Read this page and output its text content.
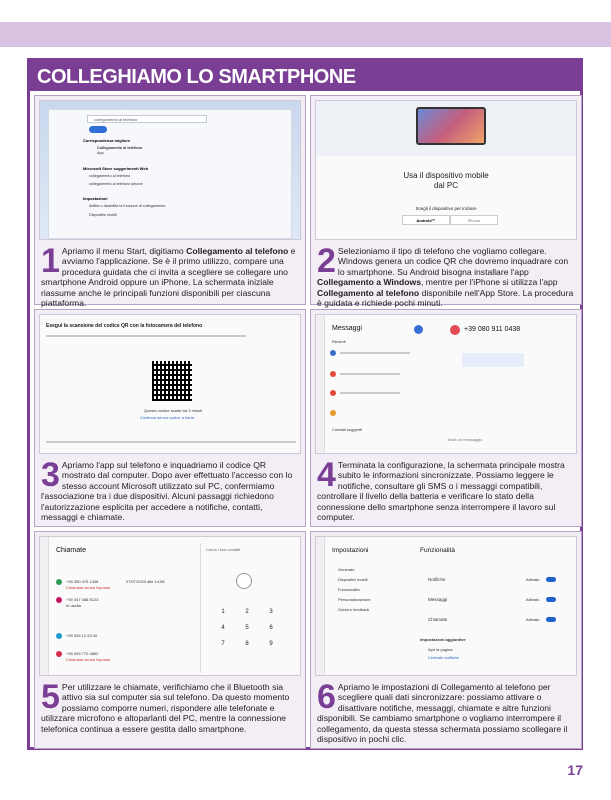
COLLEGHIAMO LO SMARTPHONE
collegamento al telefono
Corrispondenza migliore
Collegamento al telefono
App
Microsoft Store suggerimenti Web
collegamento al telefono
collegamento al telefono iphone
Impostazioni
Abilita o disabilita la funzione di collegamento
Dispositivi mobili
1 Apriamo il menu Start, digitiamo Collegamento al telefono e avviamo l'applicazione. Se è il primo utilizzo, compare una procedura guidata che ci invita a scegliere se collegare uno smartphone Android oppure un iPhone. La schermata iniziale riassume anche le principali funzioni disponibili per ciascuna piattaforma.
Usa il dispositivo mobile
dal PC
Scegli il dispositivo per iniziare
Android™	iPhone
2 Selezioniamo il tipo di telefono che vogliamo collegare. Windows genera un codice QR che dovremo inquadrare con lo smartphone. Su Android bisogna installare l'app Collegamento a Windows, mentre per l'iPhone si utilizza l'app Collegamento al telefono disponibile nell'App Store. La procedura è guidata e richiede pochi minuti.
Esegui la scansione del codice QR con la fotocamera del telefono
Questo codice scade tra 3 minuti
Continua senza codice a barre
3 Apriamo l'app sul telefono e inquadriamo il codice QR mostrato dal computer. Dopo aver effettuato l'accesso con lo stesso account Microsoft utilizzato sul PC, confermiamo l'associazione tra i due dispositivi. Alcuni passaggi richiedono l'autorizzazione esplicita per accedere a notifiche, contatti, messaggi e chiamate.
Messaggi
Recenti
Contatti suggeriti
+39 080 911 0438
Invia un messaggio
4 Terminata la configurazione, la schermata principale mostra subito le informazioni sincronizzate. Possiamo leggere le notifiche, consultare gli SMS o i messaggi compatibili, controllare il livello della batteria e verificare lo stato della connessione dello smartphone senza interrompere il lavoro sul computer.
Chiamate
+39 350 475 1438
Chiamata senza risposta
07/07/2023 alle 14:08
+39 347 088 5123
In uscita
+39 345 12 63 40
+39 349 770 4862
Chiamata senza risposta
Cerca i tuoi contatti
1	2	3
4	5	6
7	8	9
5 Per utilizzare le chiamate, verifichiamo che il Bluetooth sia attivo sia sul computer sia sul telefono. Da questo momento possiamo comporre numeri, rispondere alle telefonate e utilizzare microfono e altoparlanti del PC, mentre la connessione telefonica continua a essere gestita dallo smartphone.
Impostazioni
Generale
Dispositivi mobili
Funzionalità
Personalizzazione
Guida e feedback
Funzionalità
Notifiche	Attivato
Messaggi	Attivato
Chiamate	Attivato
Impostazioni aggiuntive
Apri la pagina
Centrale notifiche
6 Apriamo le impostazioni di Collegamento al telefono per scegliere quali dati sincronizzare: possiamo attivare o disattivare notifiche, messaggi, chiamate e altre funzioni disponibili. Se cambiamo smartphone o vogliamo interrompere il collegamento, da questa stessa schermata possiamo scollegare il dispositivo in pochi clic.
17
